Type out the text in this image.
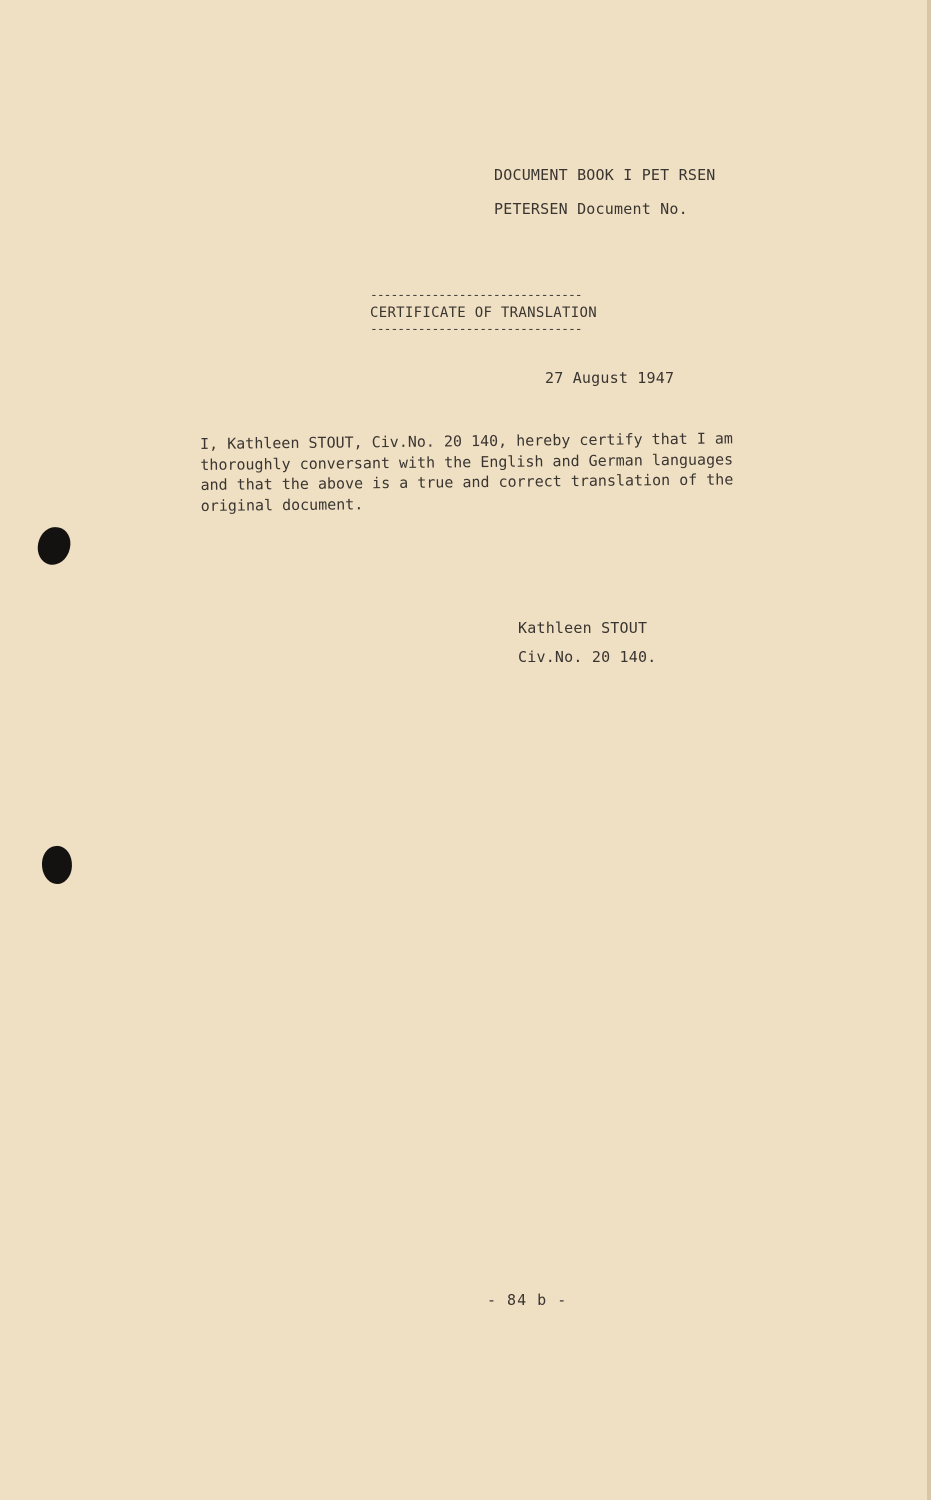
DOCUMENT BOOK I PET RSEN
PETERSEN Document No.
-------------------------------
CERTIFICATE OF TRANSLATION
-------------------------------
27 August 1947
I, Kathleen STOUT, Civ.No. 20 140, hereby certify that I am
thoroughly conversant with the English and German languages
and that the above is a true and correct translation of the
original document.
Kathleen STOUT
Civ.No. 20 140.
- 84 b -
